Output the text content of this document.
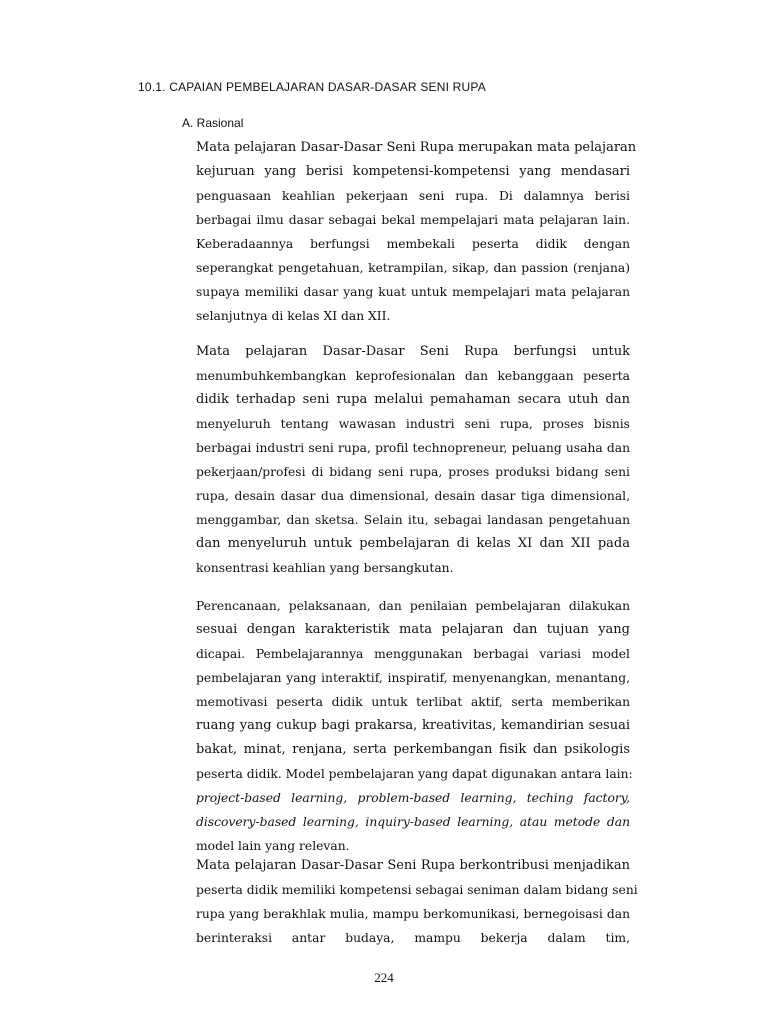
10.1. CAPAIAN PEMBELAJARAN DASAR-DASAR SENI RUPA
A. Rasional
Mata pelajaran Dasar-Dasar Seni Rupa merupakan mata pelajaran
kejuruan yang berisi kompetensi-kompetensi yang mendasari
penguasaan keahlian pekerjaan seni rupa. Di dalamnya berisi
berbagai ilmu dasar sebagai bekal mempelajari mata pelajaran lain.
Keberadaannya berfungsi membekali peserta didik dengan
seperangkat pengetahuan, ketrampilan, sikap, dan passion (renjana)
supaya memiliki dasar yang kuat untuk mempelajari mata pelajaran
selanjutnya di kelas XI dan XII.
Mata pelajaran Dasar-Dasar Seni Rupa berfungsi untuk
menumbuhkembangkan keprofesionalan dan kebanggaan peserta
didik terhadap seni rupa melalui pemahaman secara utuh dan
menyeluruh tentang wawasan industri seni rupa, proses bisnis
berbagai industri seni rupa, profil technopreneur, peluang usaha dan
pekerjaan/profesi di bidang seni rupa, proses produksi bidang seni
rupa, desain dasar dua dimensional, desain dasar tiga dimensional,
menggambar, dan sketsa. Selain itu, sebagai landasan pengetahuan
dan menyeluruh untuk pembelajaran di kelas XI dan XII pada
konsentrasi keahlian yang bersangkutan.
Perencanaan, pelaksanaan, dan penilaian pembelajaran dilakukan
sesuai dengan karakteristik mata pelajaran dan tujuan yang
dicapai. Pembelajarannya menggunakan berbagai variasi model
pembelajaran yang interaktif, inspiratif, menyenangkan, menantang,
memotivasi peserta didik untuk terlibat aktif, serta memberikan
ruang yang cukup bagi prakarsa, kreativitas, kemandirian sesuai
bakat, minat, renjana, serta perkembangan fisik dan psikologis
peserta didik. Model pembelajaran yang dapat digunakan antara lain:
project-based learning, problem-based learning, teching factory,
discovery-based learning, inquiry-based learning, atau metode dan
model lain yang relevan.
Mata pelajaran Dasar-Dasar Seni Rupa berkontribusi menjadikan
peserta didik memiliki kompetensi sebagai seniman dalam bidang seni
rupa yang berakhlak mulia, mampu berkomunikasi, bernegoisasi dan
berinteraksi antar budaya, mampu bekerja dalam tim,
224
